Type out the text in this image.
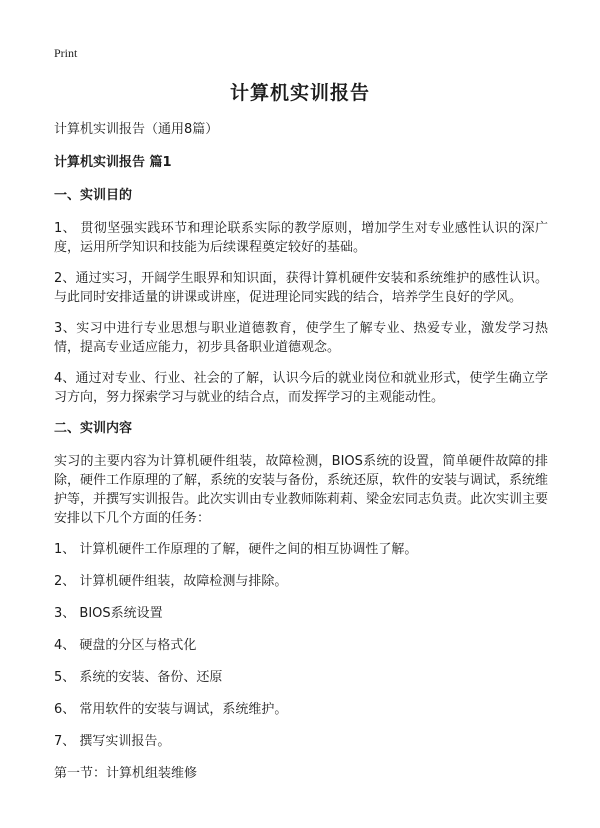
Print
计算机实训报告

计算机实训报告（通用8篇）

计算机实训报告 篇1

一、实训目的

1、 贯彻坚强实践环节和理论联系实际的教学原则，增加学生对专业感性认识的深广度，运用所学知识和技能为后续课程奠定较好的基础。

2、通过实习，开阔学生眼界和知识面，获得计算机硬件安装和系统维护的感性认识。与此同时安排适量的讲课或讲座，促进理论同实践的结合，培养学生良好的学风。

3、实习中进行专业思想与职业道德教育，使学生了解专业、热爱专业，激发学习热情，提高专业适应能力，初步具备职业道德观念。

4、通过对专业、行业、社会的了解，认识今后的就业岗位和就业形式，使学生确立学习方向，努力探索学习与就业的结合点，而发挥学习的主观能动性。

二、实训内容

实习的主要内容为计算机硬件组装，故障检测，BIOS系统的设置，简单硬件故障的排除，硬件工作原理的了解，系统的安装与备份，系统还原，软件的安装与调试，系统维护等，并撰写实训报告。此次实训由专业教师陈莉莉、梁金宏同志负责。此次实训主要安排以下几个方面的任务：

1、 计算机硬件工作原理的了解，硬件之间的相互协调性了解。

2、 计算机硬件组装，故障检测与排除。

3、 BIOS系统设置

4、 硬盘的分区与格式化

5、 系统的安装、备份、还原

6、 常用软件的安装与调试，系统维护。

7、 撰写实训报告。

第一节：计算机组装维修
